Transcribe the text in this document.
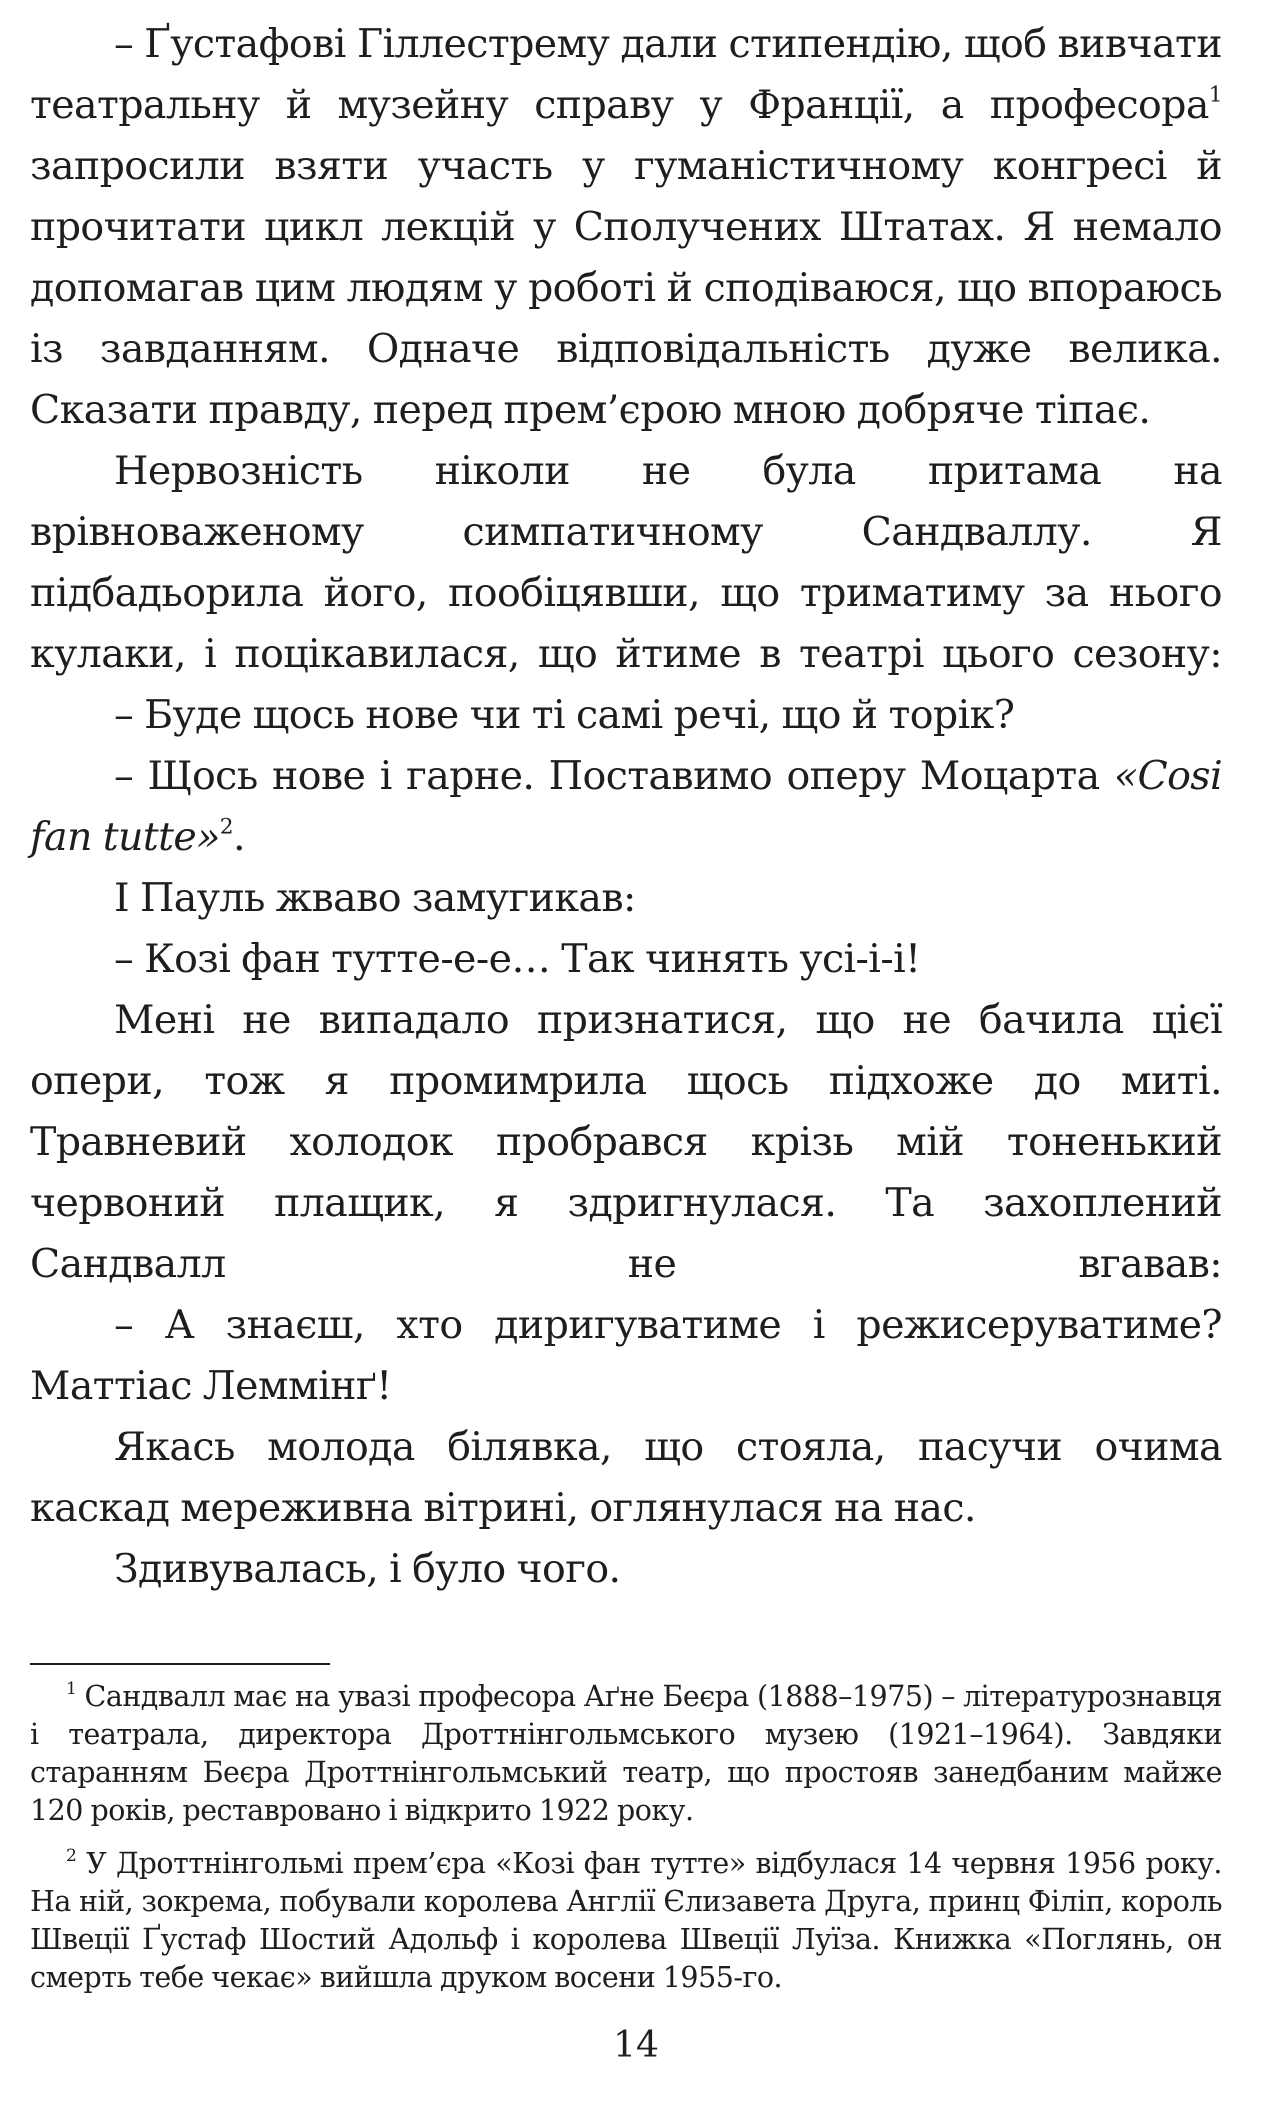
– Ґустафові Гіллестрему дали стипендію, щоб вивчати театральну й музейну справу у Франції, а професора$^1$ запросили взяти участь у гуманістичному конгресі й прочитати цикл лекцій у Сполучених Штатах. Я немало допомагав цим людям у роботі й сподіваюся, що впораюсь із завданням. Одначе відповідальність дуже велика. Сказати правду, перед прем’єрою мною добряче тіпає.

Нервозність ніколи не була притама на врівноваженому симпатичному Сандваллу. Я підбадьорила його, пообіцявши, що триматиму за нього кулаки, і поцікавилася, що йтиме в театрі цього сезону:

– Буде щось нове чи ті самі речі, що й торік?

– Щось нове і гарне. Поставимо оперу Моцарта «Cosi fan tutte»$^2$.

І Пауль жваво замугикав:

– Козі фан тутте-е-е… Так чинять усі-і-і!

Мені не випадало признатися, що не бачила цієї опери, тож я промимрила щось підхоже до миті. Травневий холодок пробрався крізь мій тоненький червоний плащик, я здригнулася. Та захоплений Сандвалл не вгавав:

– А знаєш, хто диригуватиме і режисеруватиме? Маттіас Леммінґ!

Якась молода білявка, що стояла, пасучи очима каскад мереживна вітрині, оглянулася на нас.

Здивувалась, і було чого.

$^1$ Сандвалл має на увазі професора Аґне Беєра (1888–1975) – літературознавця і театрала, директора Дроттнінгольмського музею (1921–1964). Завдяки стаpанням Беєра Дроттнінгольмський театр, що простояв занедбаним майже 120 років, реставровано і відкрито 1922 року.

$^2$ У Дроттнінгольмі прем’єра «Козі фан тутте» відбулася 14 червня 1956 року. На ній, зокрема, побували королева Англії Єлизавета Друга, принц Філіп, король Швеції Ґустаф Шостий Адольф і королева Швеції Луїза. Книжка «Поглянь, он смерть тебе чекає» вийшла друком восени 1955-го.

14
